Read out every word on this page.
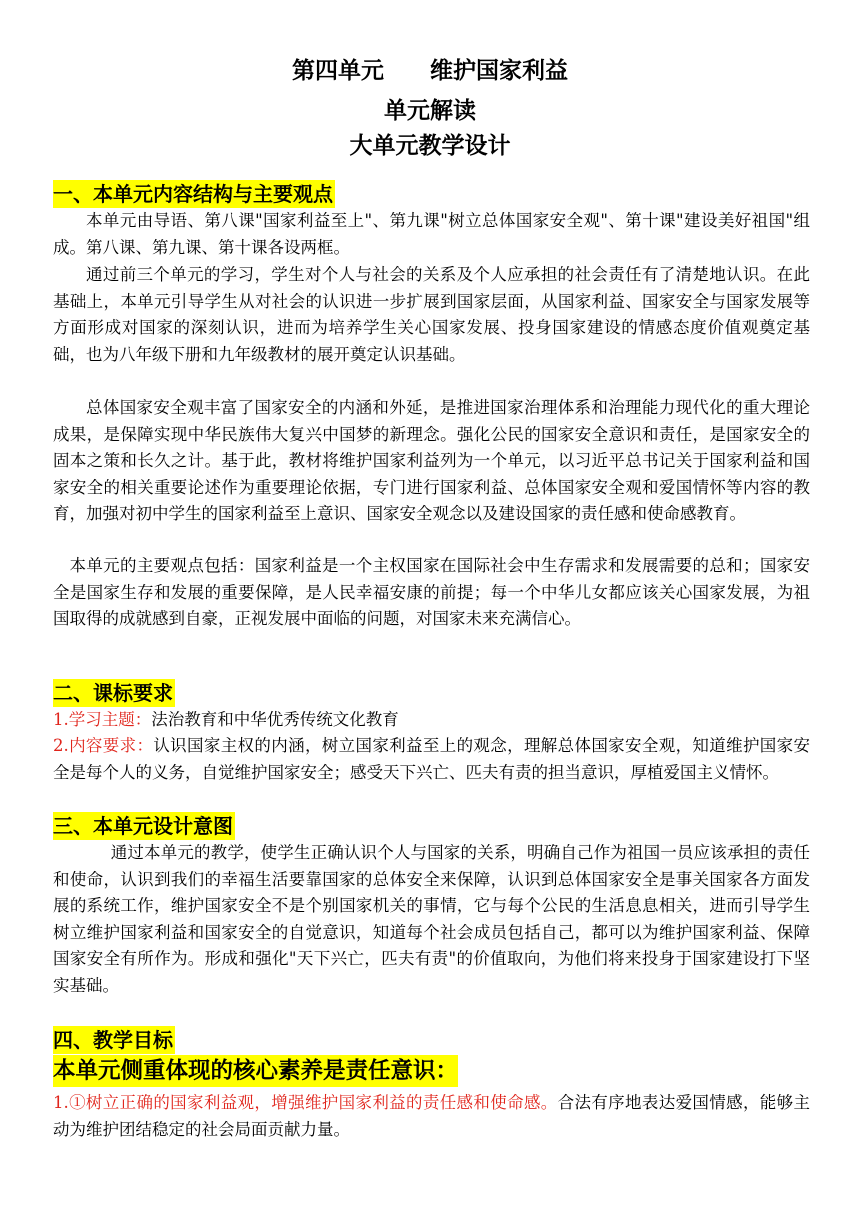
第四单元 维护国家利益
单元解读
大单元教学设计
一、本单元内容结构与主要观点
本单元由导语、第八课"国家利益至上"、第九课"树立总体国家安全观"、第十课"建设美好祖国"组成。第八课、第九课、第十课各设两框。
通过前三个单元的学习，学生对个人与社会的关系及个人应承担的社会责任有了清楚地认识。在此基础上，本单元引导学生从对社会的认识进一步扩展到国家层面，从国家利益、国家安全与国家发展等方面形成对国家的深刻认识，进而为培养学生关心国家发展、投身国家建设的情感态度价值观奠定基础，也为八年级下册和九年级教材的展开奠定认识基础。
总体国家安全观丰富了国家安全的内涵和外延，是推进国家治理体系和治理能力现代化的重大理论成果，是保障实现中华民族伟大复兴中国梦的新理念。强化公民的国家安全意识和责任，是国家安全的固本之策和长久之计。基于此，教材将维护国家利益列为一个单元，以习近平总书记关于国家利益和国家安全的相关重要论述作为重要理论依据，专门进行国家利益、总体国家安全观和爱国情怀等内容的教育，加强对初中学生的国家利益至上意识、国家安全观念以及建设国家的责任感和使命感教育。
本单元的主要观点包括：国家利益是一个主权国家在国际社会中生存需求和发展需要的总和；国家安全是国家生存和发展的重要保障，是人民幸福安康的前提；每一个中华儿女都应该关心国家发展，为祖国取得的成就感到自豪，正视发展中面临的问题，对国家未来充满信心。
二、课标要求
1.学习主题：法治教育和中华优秀传统文化教育
2.内容要求：认识国家主权的内涵，树立国家利益至上的观念，理解总体国家安全观，知道维护国家安全是每个人的义务，自觉维护国家安全；感受天下兴亡、匹夫有责的担当意识，厚植爱国主义情怀。
三、本单元设计意图
通过本单元的教学，使学生正确认识个人与国家的关系，明确自己作为祖国一员应该承担的责任和使命，认识到我们的幸福生活要靠国家的总体安全来保障，认识到总体国家安全是事关国家各方面发展的系统工作，维护国家安全不是个别国家机关的事情，它与每个公民的生活息息相关，进而引导学生树立维护国家利益和国家安全的自觉意识，知道每个社会成员包括自己，都可以为维护国家利益、保障国家安全有所作为。形成和强化"天下兴亡，匹夫有责"的价值取向，为他们将来投身于国家建设打下坚实基础。
四、教学目标
本单元侧重体现的核心素养是责任意识：
1.①树立正确的国家利益观，增强维护国家利益的责任感和使命感。合法有序地表达爱国情感，能够主动为维护团结稳定的社会局面贡献力量。
